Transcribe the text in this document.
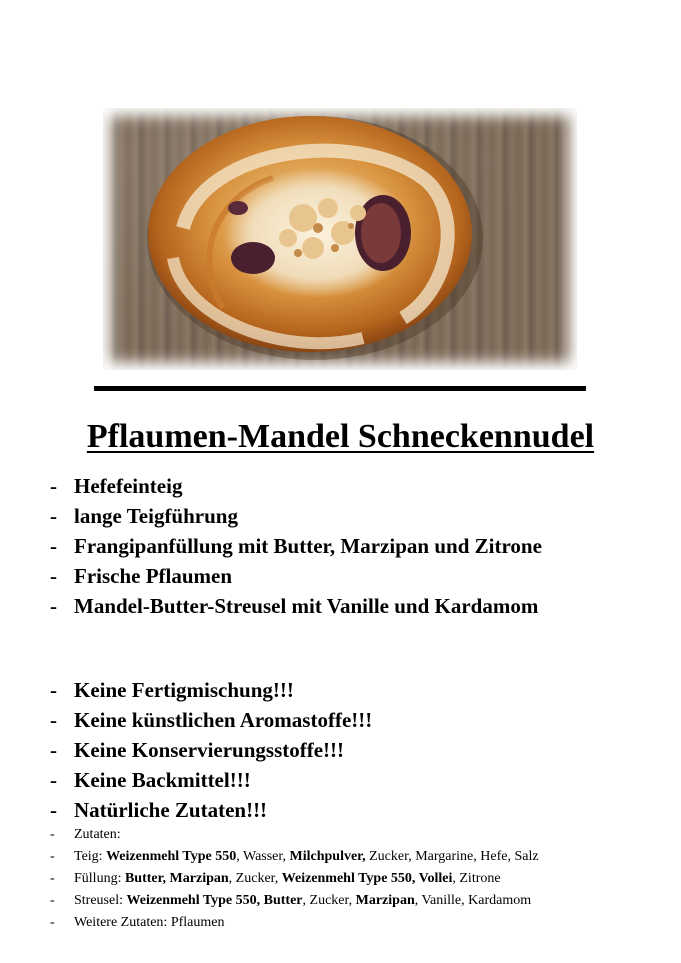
Pflaumen-Mandel Schneckennudel
- Hefefeinteig
- lange Teigführung
- Frangipanfüllung mit Butter, Marzipan und Zitrone
- Frische Pflaumen
- Mandel-Butter-Streusel mit Vanille und Kardamom
- Keine Fertigmischung!!!
- Keine künstlichen Aromastoffe!!!
- Keine Konservierungsstoffe!!!
- Keine Backmittel!!!
- Natürliche Zutaten!!!
- Zutaten:
- Teig: Weizenmehl Type 550, Wasser, Milchpulver, Zucker, Margarine, Hefe, Salz
- Füllung: Butter, Marzipan, Zucker, Weizenmehl Type 550, Vollei, Zitrone
- Streusel: Weizenmehl Type 550, Butter, Zucker, Marzipan, Vanille, Kardamom
- Weitere Zutaten: Pflaumen
